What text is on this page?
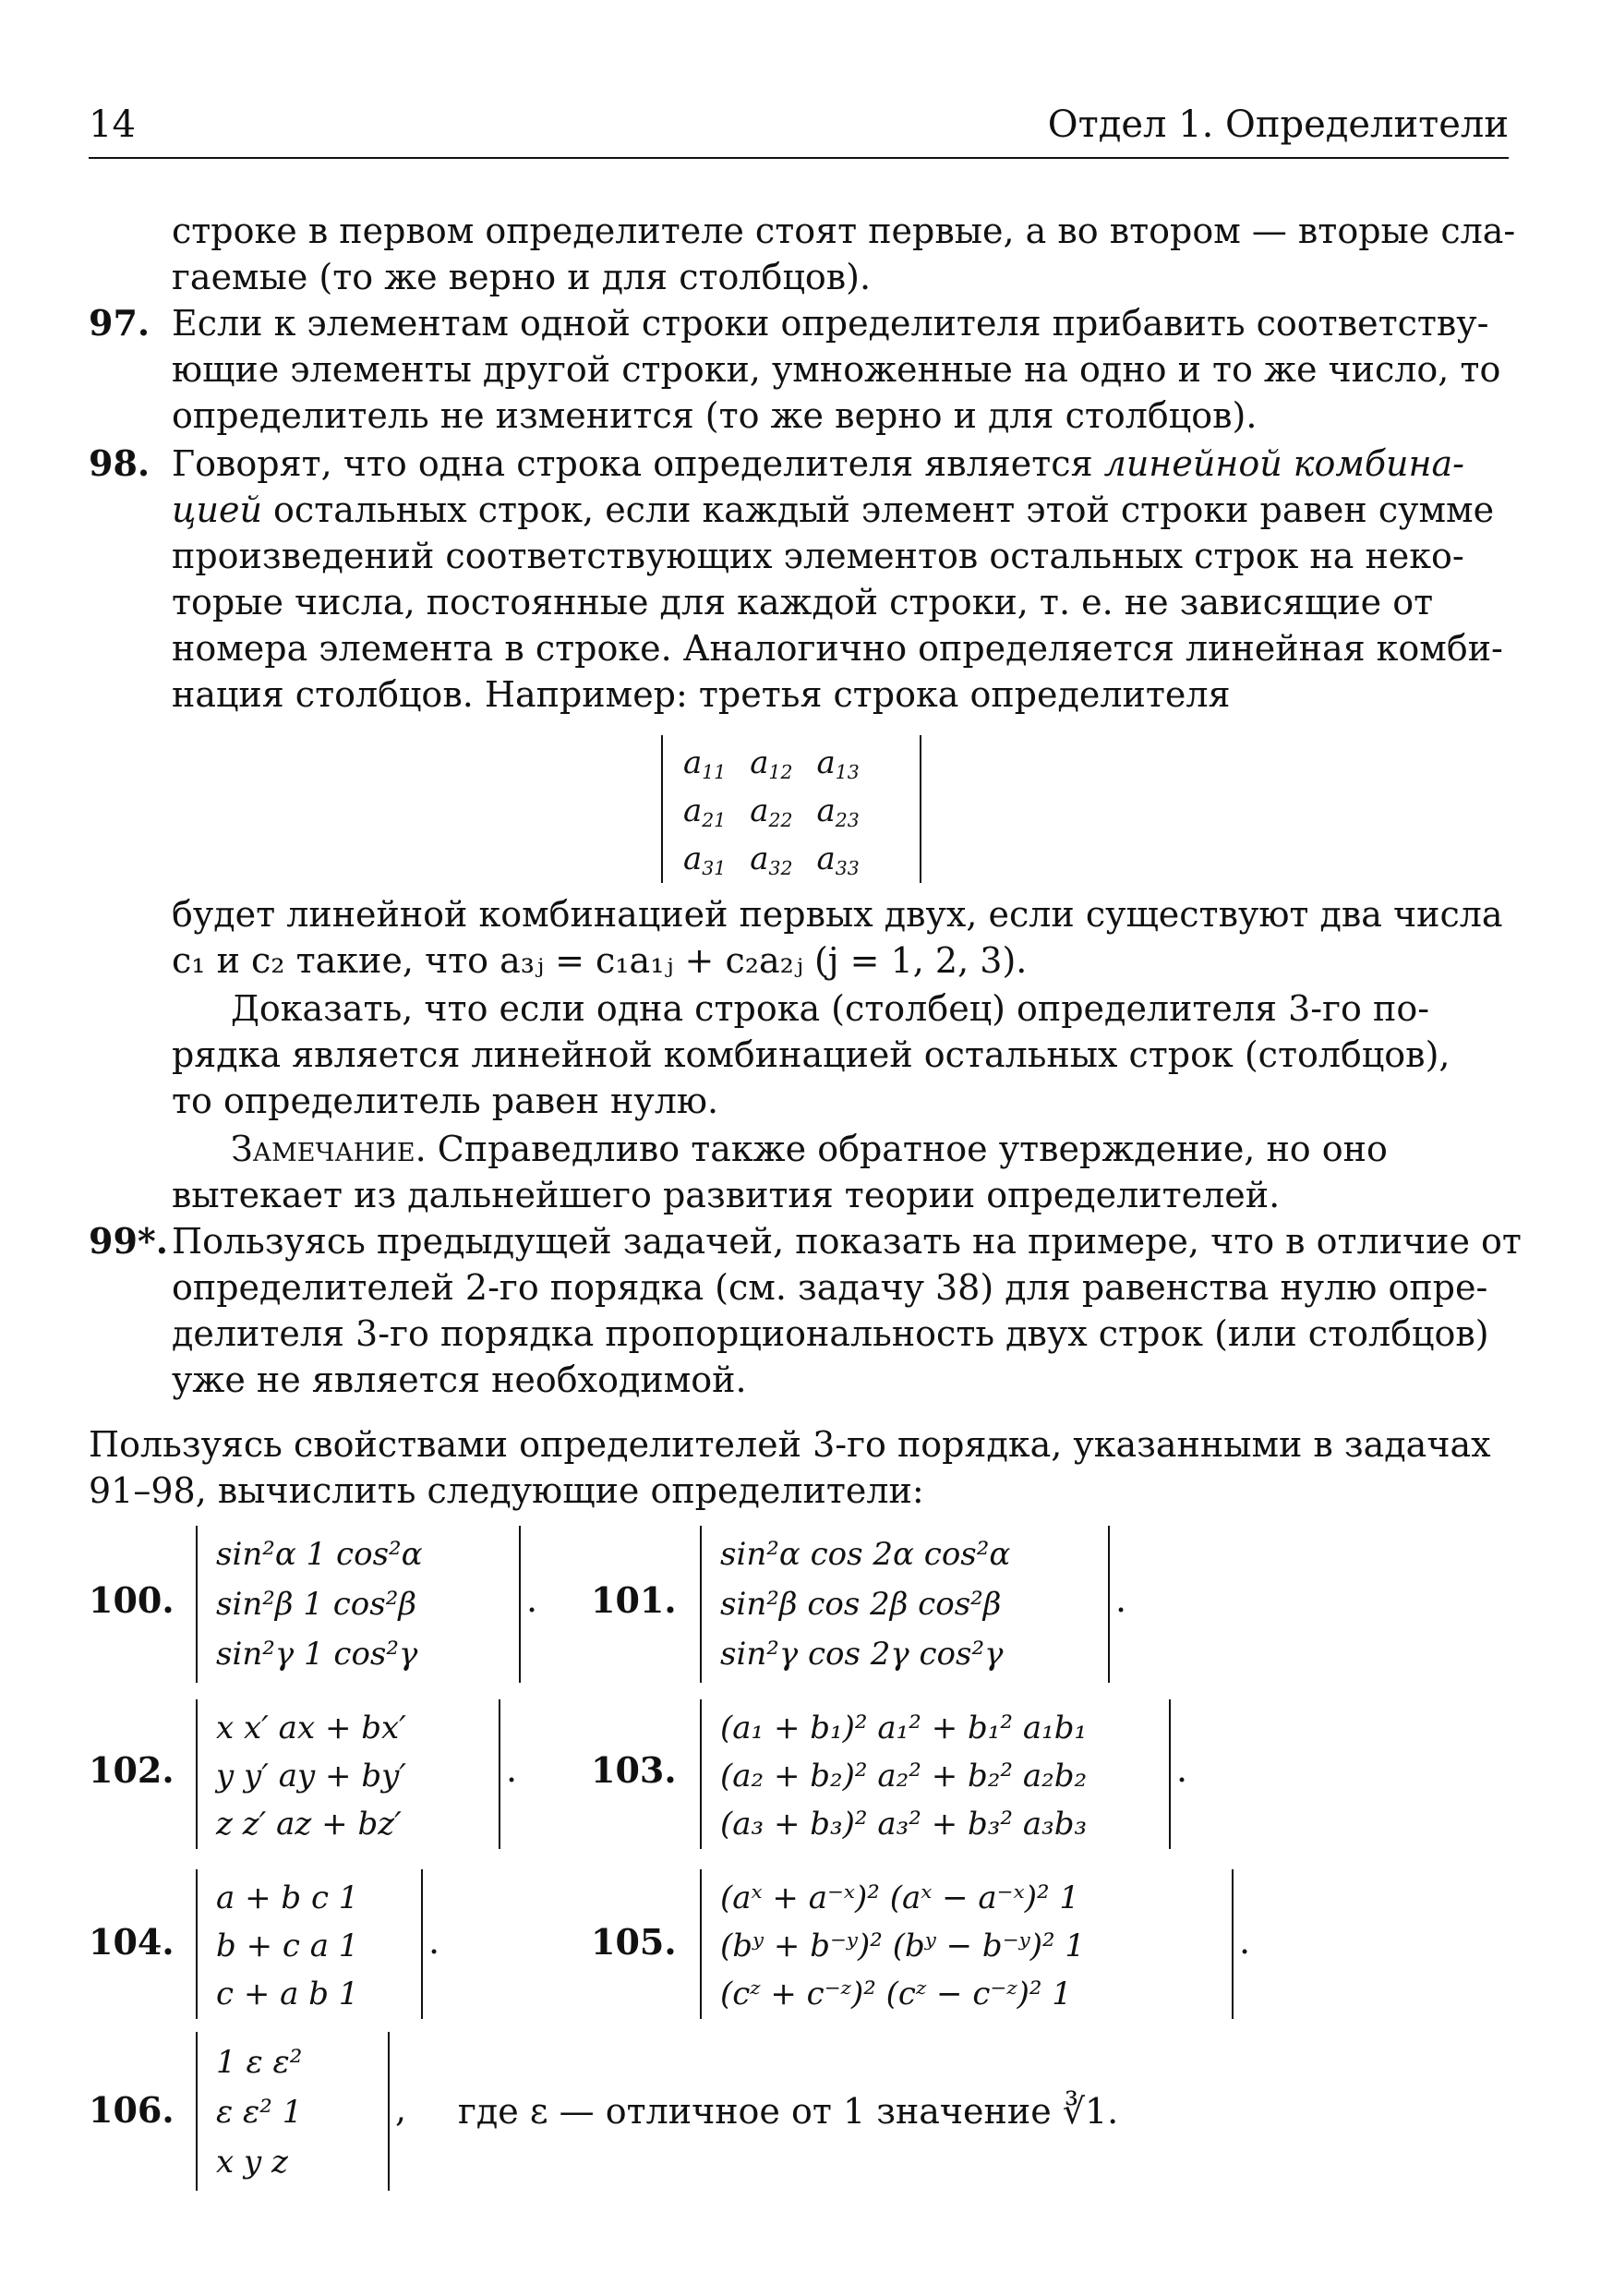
14	Отдел 1. Определители
строке в первом определителе стоят первые, а во втором — вторые сла-
гаемые (то же верно и для столбцов).
97. Если к элементам одной строки определителя прибавить соответству-
ющие элементы другой строки, умноженные на одно и то же число, то
определитель не изменится (то же верно и для столбцов).
98. Говорят, что одна строка определителя является линейной комбина-
цией остальных строк, если каждый элемент этой строки равен сумме
произведений соответствующих элементов остальных строк на неко-
торые числа, постоянные для каждой строки, т. е. не зависящие от
номера элемента в строке. Аналогично определяется линейная комби-
нация столбцов. Например: третья строка определителя
$a_{11}$ $a_{12}$ $a_{13}$
$a_{21}$ $a_{22}$ $a_{23}$
$a_{31}$ $a_{32}$ $a_{33}$
будет линейной комбинацией первых двух, если существуют два числа
c₁ и c₂ такие, что a₃ⱼ = c₁a₁ⱼ + c₂a₂ⱼ (j = 1, 2, 3).
Доказать, что если одна строка (столбец) определителя 3-го по-
рядка является линейной комбинацией остальных строк (столбцов),
то определитель равен нулю.
Замечание. Справедливо также обратное утверждение, но оно
вытекает из дальнейшего развития теории определителей.
99*. Пользуясь предыдущей задачей, показать на примере, что в отличие от
определителей 2-го порядка (см. задачу 38) для равенства нулю опре-
делителя 3-го порядка пропорциональность двух строк (или столбцов)
уже не является необходимой.
Пользуясь свойствами определителей 3-го порядка, указанными в задачах
91–98, вычислить следующие определители:
100.
sin²α 1 cos²α
sin²β 1 cos²β
sin²γ 1 cos²γ
. 101.
sin²α cos 2α cos²α
sin²β cos 2β cos²β
sin²γ cos 2γ cos²γ
.
102.
x x′ ax + bx′
y y′ ay + by′
z z′ az + bz′
. 103.
(a₁ + b₁)² a₁² + b₁² a₁b₁
(a₂ + b₂)² a₂² + b₂² a₂b₂
(a₃ + b₃)² a₃² + b₃² a₃b₃
.
104.
a + b c 1
b + c a 1
c + a b 1
.	105.
(aˣ + a⁻ˣ)² (aˣ − a⁻ˣ)² 1
(bʸ + b⁻ʸ)² (bʸ − b⁻ʸ)² 1
(cᶻ + c⁻ᶻ)² (cᶻ − c⁻ᶻ)² 1
.
106.
1 ε ε²
ε ε² 1
x y z
, где ε — отличное от 1 значение ∛1.
